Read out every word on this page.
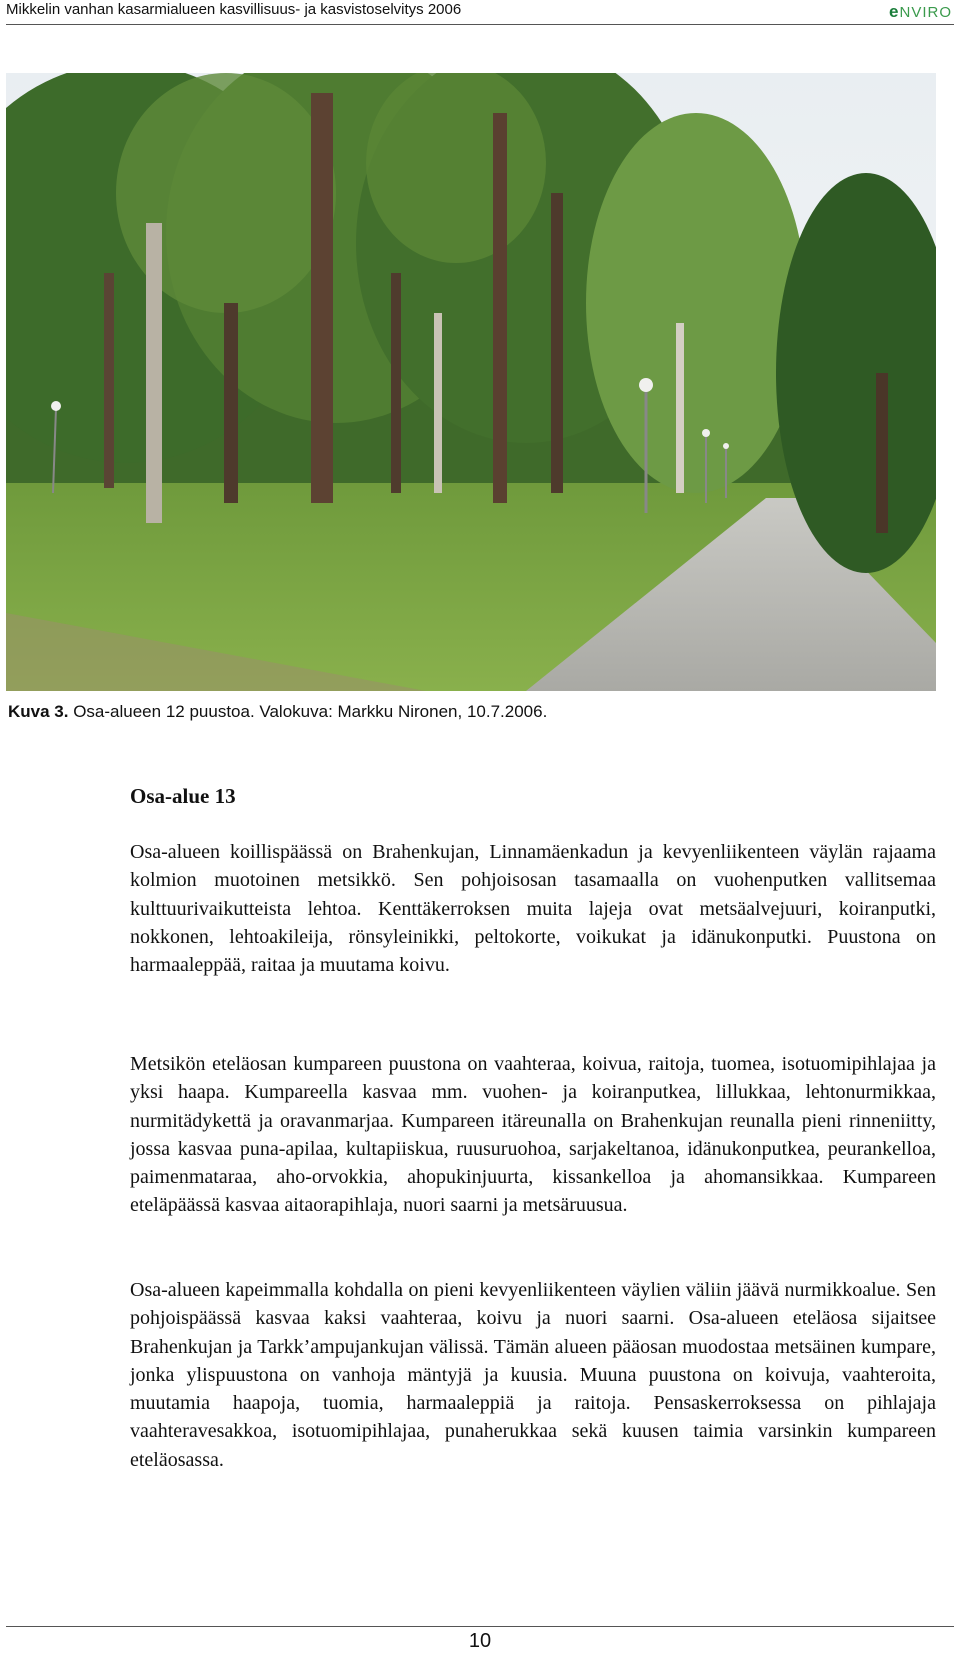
Mikkelin vanhan kasarmialueen kasvillisuus- ja kasvistoselvitys 2006	eNVIRO
Kuva 3. Osa-alueen 12 puustoa. Valokuva: Markku Nironen, 10.7.2006.
Osa-alue 13

Osa-alueen koillispäässä on Brahenkujan, Linnamäenkadun ja kevyenliikenteen väylän rajaama kolmion muotoinen metsikkö. Sen pohjoisosan tasamaalla on vuohenputken vallitsemaa kulttuurivaikutteista lehtoa. Kenttäkerroksen muita lajeja ovat metsäalvejuuri, koiranputki, nokkonen, lehtoakileija, rönsyleinikki, peltokorte, voikukat ja idänukonputki. Puustona on harmaaleppää, raitaa ja muutama koivu.

Metsikön eteläosan kumpareen puustona on vaahteraa, koivua, raitoja, tuomea, isotuomipihlajaa ja yksi haapa. Kumpareella kasvaa mm. vuohen- ja koiranputkea, lillukkaa, lehtonurmikkaa, nurmitädykettä ja oravanmarjaa. Kumpareen itäreunalla on Brahenkujan reunalla pieni rinneniitty, jossa kasvaa puna-apilaa, kultapiiskua, ruusuruohoa, sarjakeltanoa, idänukonputkea, peurankelloa, paimenmataraa, aho-orvokkia, ahopukinjuurta, kissankelloa ja ahomansikkaa. Kumpareen eteläpäässä kasvaa aitaorapihlaja, nuori saarni ja metsäruusua.

Osa-alueen kapeimmalla kohdalla on pieni kevyenliikenteen väylien väliin jäävä nurmikkoalue. Sen pohjoispäässä kasvaa kaksi vaahteraa, koivu ja nuori saarni. Osa-alueen eteläosa sijaitsee Brahenkujan ja Tarkk’ampujankujan välissä. Tämän alueen pääosan muodostaa metsäinen kumpare, jonka ylispuustona on vanhoja mäntyjä ja kuusia. Muuna puustona on koivuja, vaahteroita, muutamia haapoja, tuomia, harmaaleppiä ja raitoja. Pensaskerroksessa on pihlajaja vaahteravesakkoa, isotuomipihlajaa, punaherukkaa sekä kuusen taimia varsinkin kumpareen eteläosassa.

10
